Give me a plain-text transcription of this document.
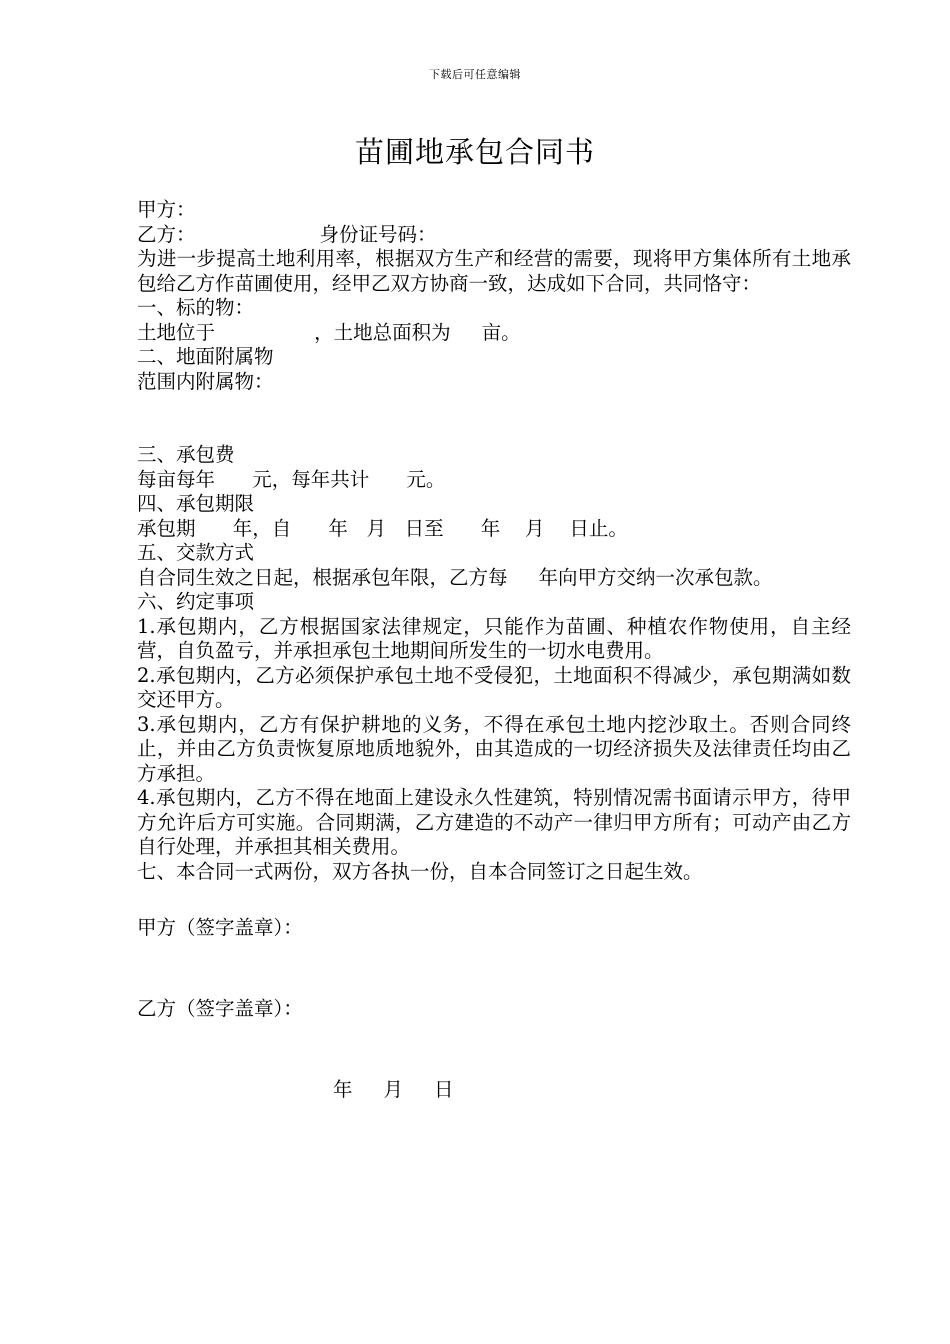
下载后可任意编辑
苗圃地承包合同书
甲方：
乙方：                    身份证号码：
为进一步提高土地利用率，根据双方生产和经营的需要，现将甲方集体所有土地承包给乙方作苗圃使用，经甲乙双方协商一致，达成如下合同，共同恪守：
一、标的物：
土地位于                ，土地总面积为     亩。
二、地面附属物
范围内附属物：
三、承包费
每亩每年      元，每年共计      元。
四、承包期限
承包期      年，自      年   月   日至      年    月    日止。
五、交款方式
自合同生效之日起，根据承包年限，乙方每     年向甲方交纳一次承包款。
六、约定事项
1.承包期内，乙方根据国家法律规定，只能作为苗圃、种植农作物使用，自主经营，自负盈亏，并承担承包土地期间所发生的一切水电费用。
2.承包期内，乙方必须保护承包土地不受侵犯，土地面积不得减少，承包期满如数交还甲方。
3.承包期内，乙方有保护耕地的义务，不得在承包土地内挖沙取土。否则合同终止，并由乙方负责恢复原地质地貌外，由其造成的一切经济损失及法律责任均由乙方承担。
4.承包期内，乙方不得在地面上建设永久性建筑，特别情况需书面请示甲方，待甲方允许后方可实施。合同期满，乙方建造的不动产一律归甲方所有；可动产由乙方自行处理，并承担其相关费用。
七、本合同一式两份，双方各执一份，自本合同签订之日起生效。
甲方（签字盖章）：
乙方（签字盖章）：
年     月     日
